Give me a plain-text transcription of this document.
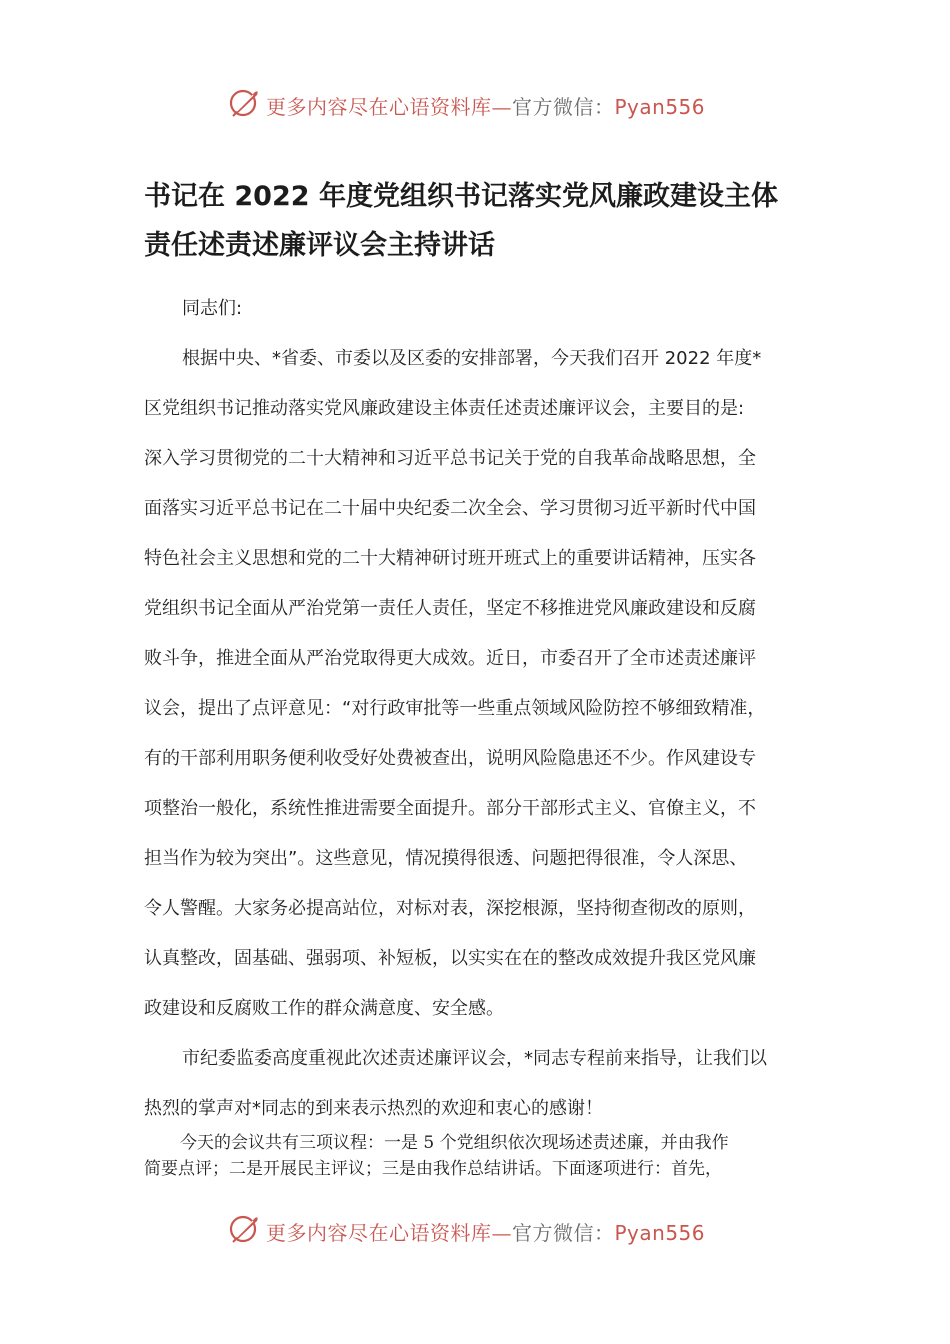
更多内容尽在心语资料库—官方微信：Pyan556
书记在 2022 年度党组织书记落实党风廉政建设主体
责任述责述廉评议会主持讲话

同志们:

根据中央、*省委、市委以及区委的安排部署，今天我们召开 2022 年度*
区党组织书记推动落实党风廉政建设主体责任述责述廉评议会，主要目的是:
深入学习贯彻党的二十大精神和习近平总书记关于党的自我革命战略思想，全
面落实习近平总书记在二十届中央纪委二次全会、学习贯彻习近平新时代中国
特色社会主义思想和党的二十大精神研讨班开班式上的重要讲话精神，压实各
党组织书记全面从严治党第一责任人责任，坚定不移推进党风廉政建设和反腐
败斗争，推进全面从严治党取得更大成效。近日，市委召开了全市述责述廉评
议会，提出了点评意见：“对行政审批等一些重点领域风险防控不够细致精准，
有的干部利用职务便利收受好处费被查出，说明风险隐患还不少。作风建设专
项整治一般化，系统性推进需要全面提升。部分干部形式主义、官僚主义，不
担当作为较为突出”。这些意见，情况摸得很透、问题把得很准，令人深思、
令人警醒。大家务必提高站位，对标对表，深挖根源，坚持彻查彻改的原则，
认真整改，固基础、强弱项、补短板，以实实在在的整改成效提升我区党风廉
政建设和反腐败工作的群众满意度、安全感。

市纪委监委高度重视此次述责述廉评议会，*同志专程前来指导，让我们以
热烈的掌声对*同志的到来表示热烈的欢迎和衷心的感谢！

今天的会议共有三项议程：一是 5 个党组织依次现场述责述廉，并由我作
简要点评；二是开展民主评议；三是由我作总结讲话。下面逐项进行：首先，

更多内容尽在心语资料库—官方微信：Pyan556
